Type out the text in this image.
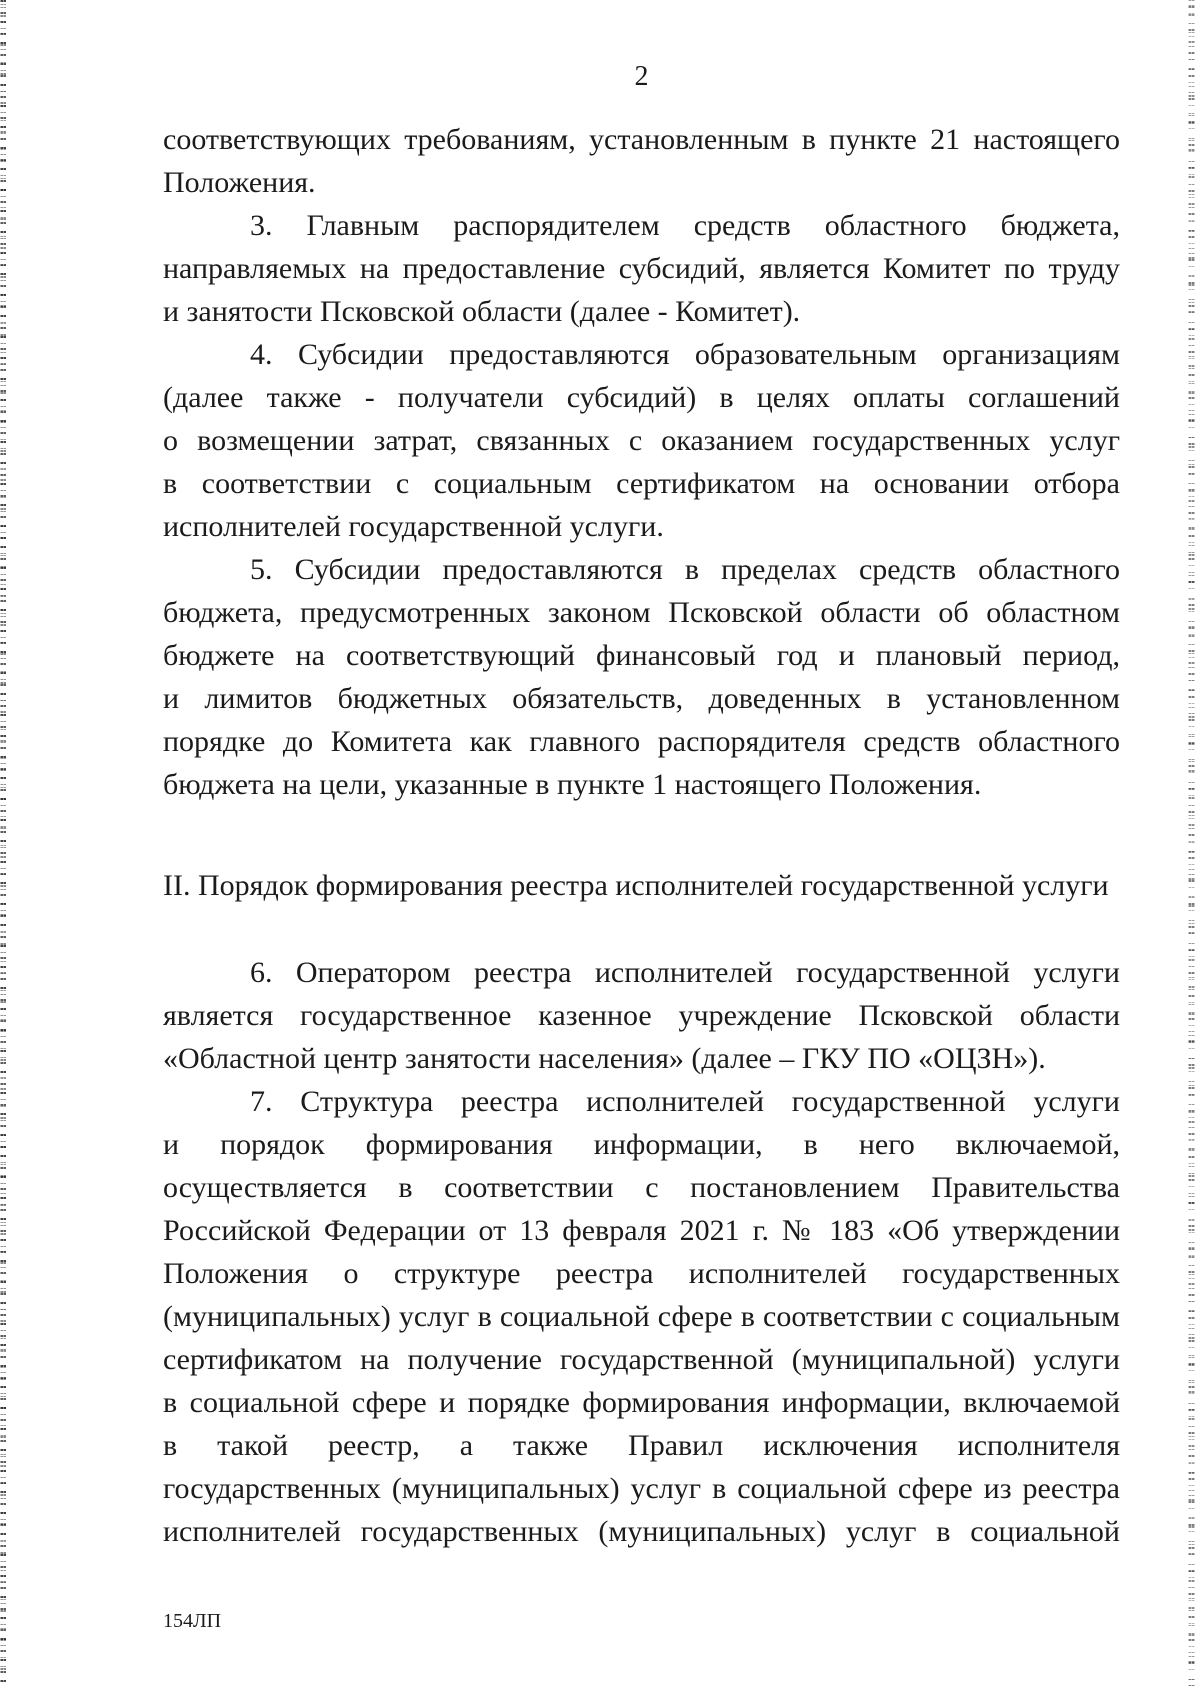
2
соответствующих требованиям, установленным в пункте 21 настоящего
Положения.
3. Главным распорядителем средств областного бюджета,
направляемых на предоставление субсидий, является Комитет по труду
и занятости Псковской области (далее - Комитет).
4. Субсидии предоставляются образовательным организациям
(далее также - получатели субсидий) в целях оплаты соглашений
о возмещении затрат, связанных с оказанием государственных услуг
в соответствии с социальным сертификатом на основании отбора
исполнителей государственной услуги.
5. Субсидии предоставляются в пределах средств областного
бюджета, предусмотренных законом Псковской области об областном
бюджете на соответствующий финансовый год и плановый период,
и лимитов бюджетных обязательств, доведенных в установленном
порядке до Комитета как главного распорядителя средств областного
бюджета на цели, указанные в пункте 1 настоящего Положения.
II. Порядок формирования реестра исполнителей государственной услуги
6. Оператором реестра исполнителей государственной услуги
является государственное казенное учреждение Псковской области
«Областной центр занятости населения» (далее – ГКУ ПО «ОЦЗН»).
7. Структура реестра исполнителей государственной услуги
и порядок формирования информации, в него включаемой,
осуществляется в соответствии с постановлением Правительства
Российской Федерации от 13 февраля 2021 г. № 183 «Об утверждении
Положения о структуре реестра исполнителей государственных
(муниципальных) услуг в социальной сфере в соответствии с социальным
сертификатом на получение государственной (муниципальной) услуги
в социальной сфере и порядке формирования информации, включаемой
в такой реестр, а также Правил исключения исполнителя
государственных (муниципальных) услуг в социальной сфере из реестра
исполнителей государственных (муниципальных) услуг в социальной
154ЛП
